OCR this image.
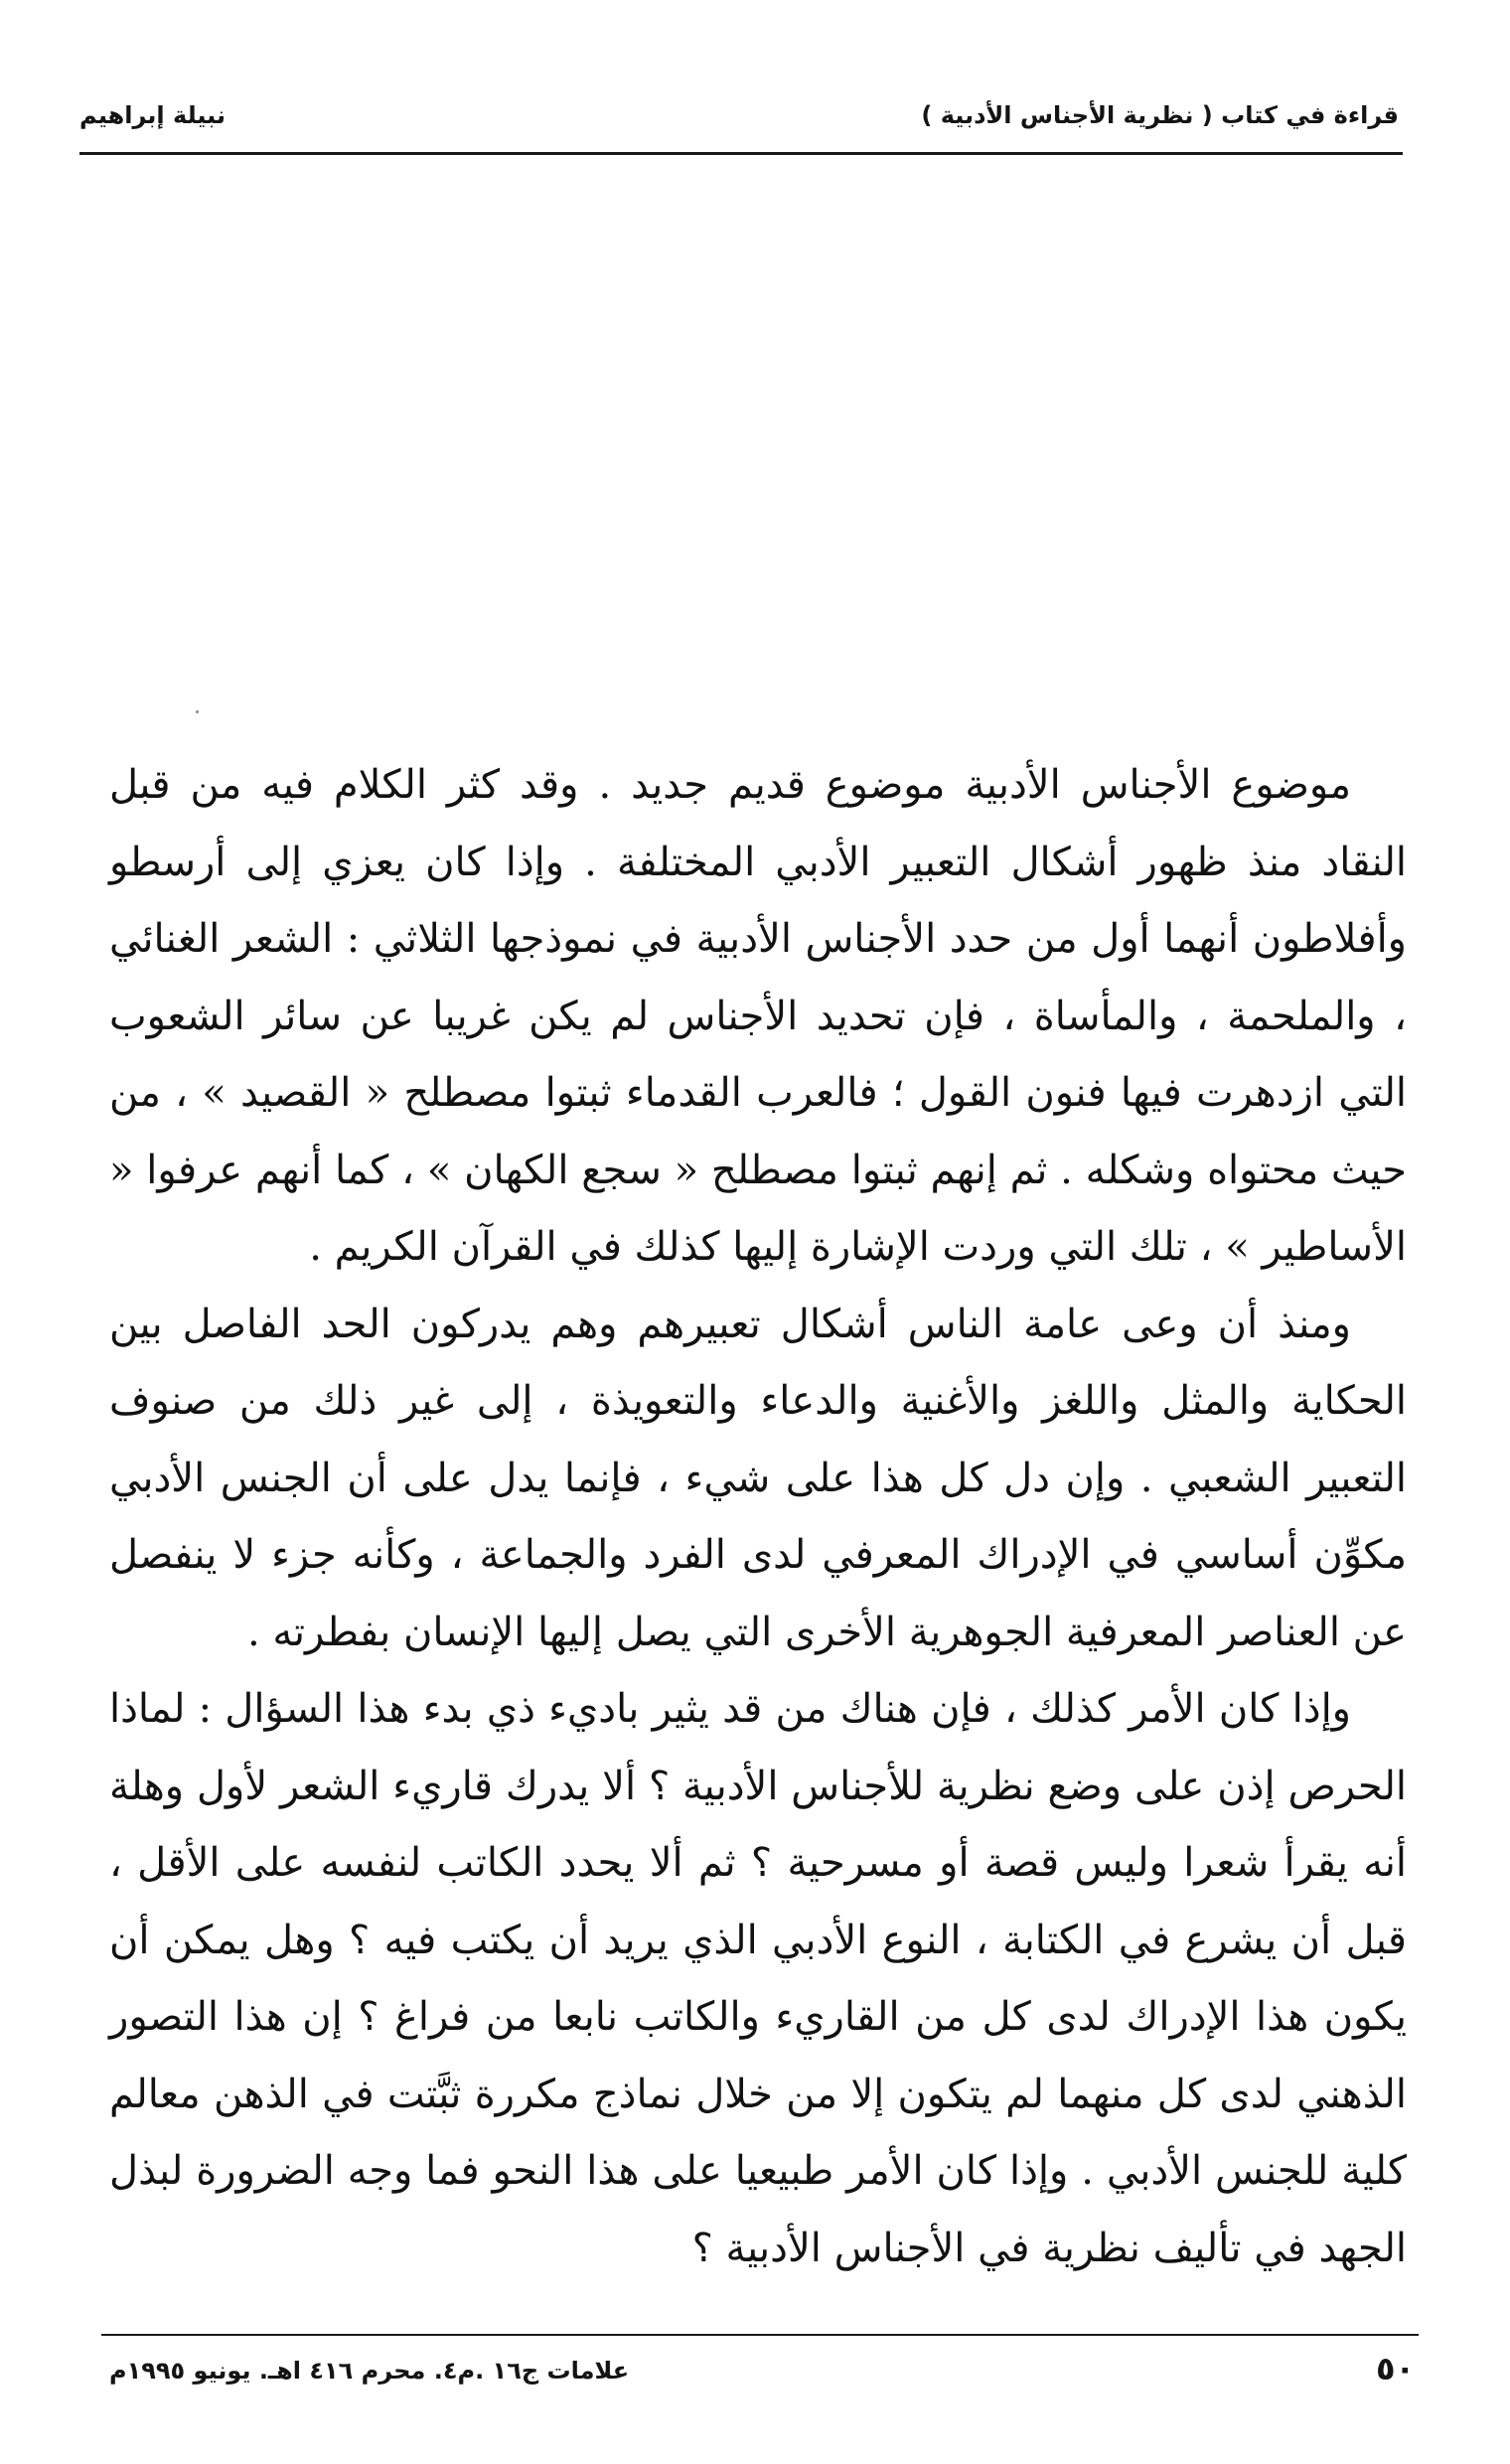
قراءة في كتاب ( نظرية الأجناس الأدبية )
نبيلة إبراهيم

موضوع الأجناس الأدبية موضوع قديم جديد . وقد كثر الكلام فيه من قبل النقاد منذ ظهور أشكال التعبير الأدبي المختلفة . وإذا كان يعزي إلى أرسطو وأفلاطون أنهما أول من حدد الأجناس الأدبية في نموذجها الثلاثي : الشعر الغنائي ، والملحمة ، والمأساة ، فإن تحديد الأجناس لم يكن غريبا عن سائر الشعوب التي ازدهرت فيها فنون القول ؛ فالعرب القدماء ثبتوا مصطلح « القصيد » ، من حيث محتواه وشكله . ثم إنهم ثبتوا مصطلح « سجع الكهان » ، كما أنهم عرفوا « الأساطير » ، تلك التي وردت الإشارة إليها كذلك في القرآن الكريم .

ومنذ أن وعى عامة الناس أشكال تعبيرهم وهم يدركون الحد الفاصل بين الحكاية والمثل واللغز والأغنية والدعاء والتعويذة ، إلى غير ذلك من صنوف التعبير الشعبي . وإن دل كل هذا على شيء ، فإنما يدل على أن الجنس الأدبي مكوِّن أساسي في الإدراك المعرفي لدى الفرد والجماعة ، وكأنه جزء لا ينفصل عن العناصر المعرفية الجوهرية الأخرى التي يصل إليها الإنسان بفطرته .

وإذا كان الأمر كذلك ، فإن هناك من قد يثير باديء ذي بدء هذا السؤال : لماذا الحرص إذن على وضع نظرية للأجناس الأدبية ؟ ألا يدرك قاريء الشعر لأول وهلة أنه يقرأ شعرا وليس قصة أو مسرحية ؟ ثم ألا يحدد الكاتب لنفسه على الأقل ، قبل أن يشرع في الكتابة ، النوع الأدبي الذي يريد أن يكتب فيه ؟ وهل يمكن أن يكون هذا الإدراك لدى كل من القاريء والكاتب نابعا من فراغ ؟ إن هذا التصور الذهني لدى كل منهما لم يتكون إلا من خلال نماذج مكررة ثبَّتت في الذهن معالم كلية للجنس الأدبي . وإذا كان الأمر طبيعيا على هذا النحو فما وجه الضرورة لبذل الجهد في تأليف نظرية في الأجناس الأدبية ؟

٥٠
علامات ج١٦ .م٤. محرم ٤١٦ اهـ. يونيو ١٩٩٥م
